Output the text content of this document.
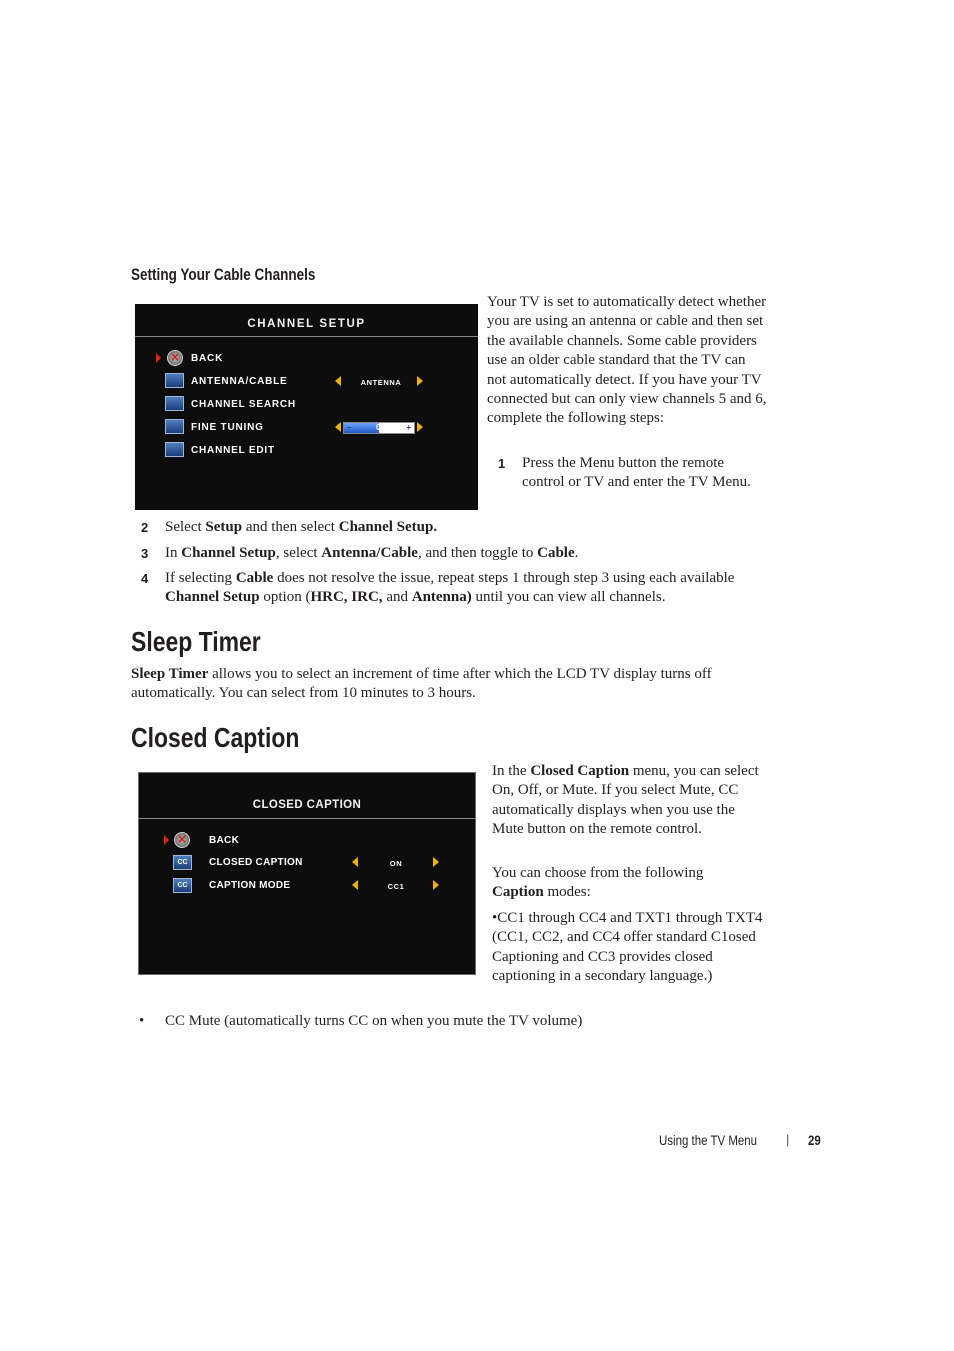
Setting Your Cable Channels
CHANNEL SETUP
× BACK
ANTENNA/CABLE	ANTENNA
CHANNEL SEARCH
FINE TUNING	–	0	+
CHANNEL EDIT
Your TV is set to automatically detect whether you are using an antenna or cable and then set the available channels. Some cable providers use an older cable standard that the TV can not automatically detect. If you have your TV connected but can only view channels 5 and 6, complete the following steps:
1 Press the Menu button the remote control or TV and enter the TV Menu.
2 Select Setup and then select Channel Setup.
3 In Channel Setup, select Antenna/Cable, and then toggle to Cable.
4 If selecting Cable does not resolve the issue, repeat steps 1 through step 3 using each available
Channel Setup option (HRC, IRC, and Antenna) until you can view all channels.
Sleep Timer
Sleep Timer allows you to select an increment of time after which the LCD TV display turns off automatically. You can select from 10 minutes to 3 hours.
Closed Caption
CLOSED CAPTION
× BACK
CC	CLOSED CAPTION	ON
CC	CAPTION MODE	CC1
In the Closed Caption menu, you can select On, Off, or Mute. If you select Mute, CC automatically displays when you use the Mute button on the remote control.
You can choose from the following Caption modes:
•CC1 through CC4 and TXT1 through TXT4 (CC1, CC2, and CC4 offer standard C1osed Captioning and CC3 provides closed captioning in a secondary language.)
• CC Mute (automatically turns CC on when you mute the TV volume)
Using the TV Menu | 29
